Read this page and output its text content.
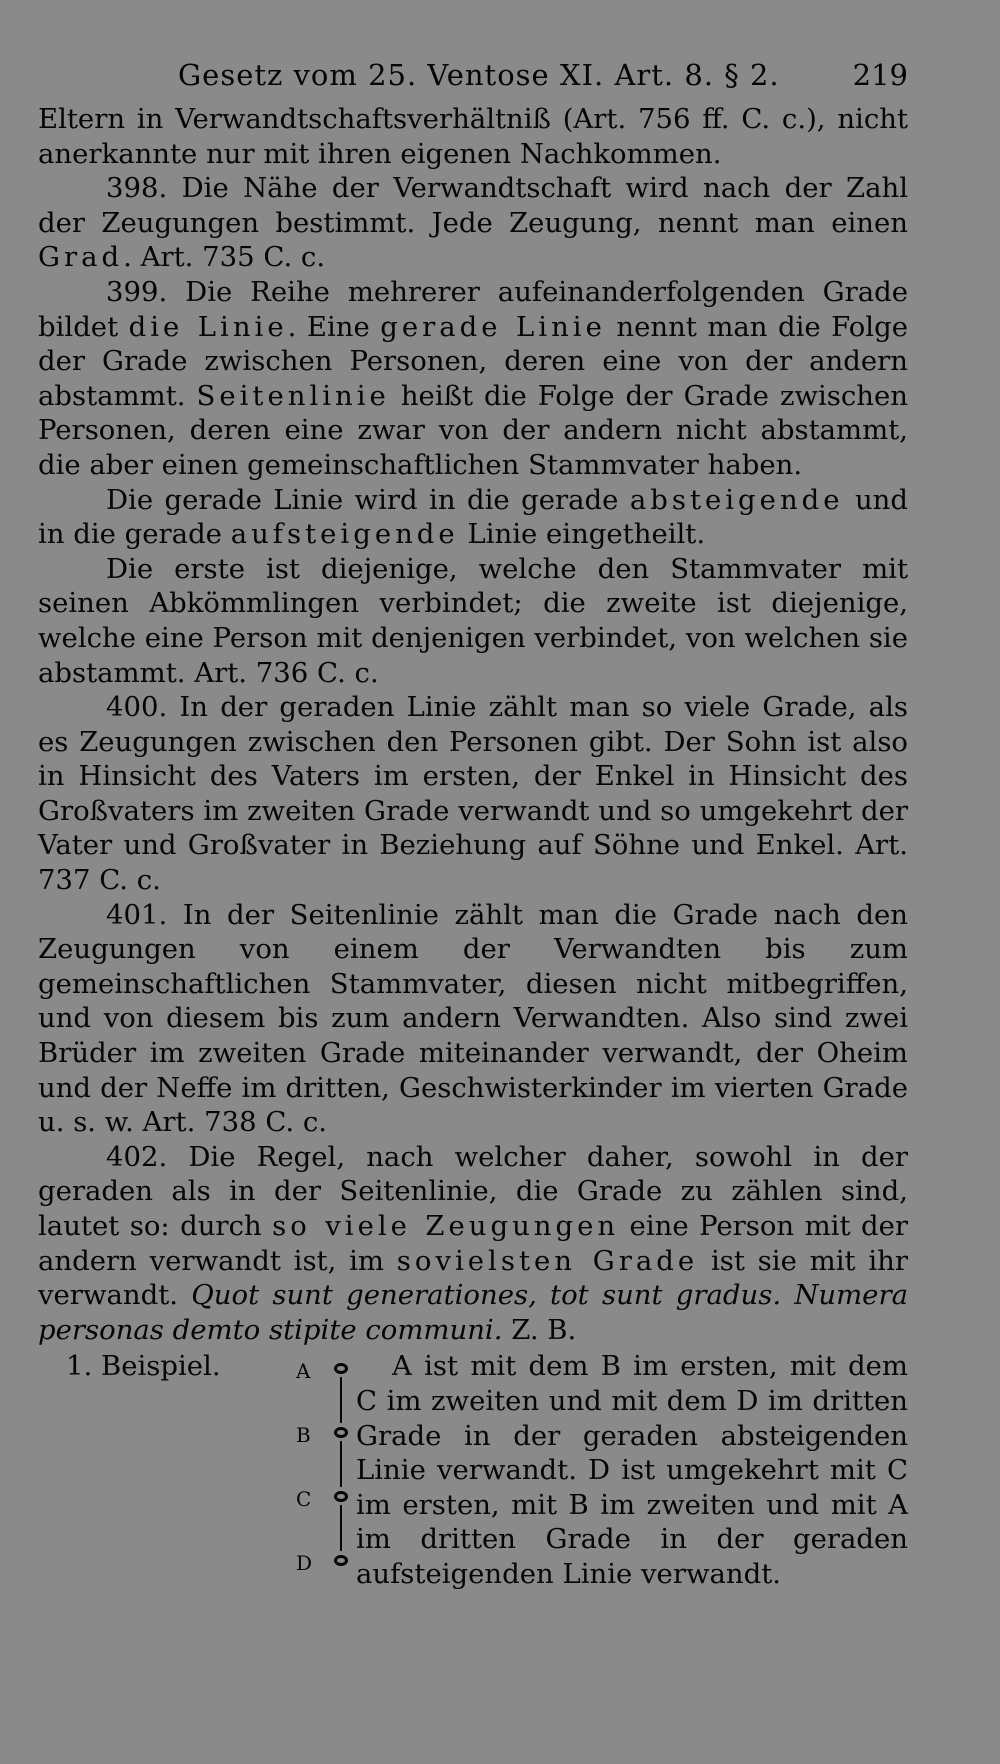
Gesetz vom 25. Ventose XI. Art. 8. § 2.	219

Eltern in Verwandtschaftsverhältniß (Art. 756 ff. C. c.), nicht anerkannte nur mit ihren eigenen Nachkommen.

398. Die Nähe der Verwandtschaft wird nach der Zahl der Zeugungen bestimmt. Jede Zeugung, nennt man einen Grad. Art. 735 C. c.

399. Die Reihe mehrerer aufeinanderfolgenden Grade bildet die Linie. Eine gerade Linie nennt man die Folge der Grade zwischen Personen, deren eine von der andern abstammt. Seitenlinie heißt die Folge der Grade zwischen Personen, deren eine zwar von der andern nicht abstammt, die aber einen gemeinschaftlichen Stammvater haben.

Die gerade Linie wird in die gerade absteigende und in die gerade aufsteigende Linie eingetheilt.

Die erste ist diejenige, welche den Stammvater mit seinen Abkömmlingen verbindet; die zweite ist diejenige, welche eine Person mit denjenigen verbindet, von welchen sie abstammt. Art. 736 C. c.

400. In der geraden Linie zählt man so viele Grade, als es Zeugungen zwischen den Personen gibt. Der Sohn ist also in Hinsicht des Vaters im ersten, der Enkel in Hinsicht des Großvaters im zweiten Grade verwandt und so umgekehrt der Vater und Großvater in Beziehung auf Söhne und Enkel. Art. 737 C. c.

401. In der Seitenlinie zählt man die Grade nach den Zeugungen von einem der Verwandten bis zum gemeinschaftlichen Stammvater, diesen nicht mitbegriffen, und von diesem bis zum andern Verwandten. Also sind zwei Brüder im zweiten Grade miteinander verwandt, der Oheim und der Neffe im dritten, Geschwisterkinder im vierten Grade u. s. w. Art. 738 C. c.

402. Die Regel, nach welcher daher, sowohl in der geraden als in der Seitenlinie, die Grade zu zählen sind, lautet so: durch so viele Zeugungen eine Person mit der andern verwandt ist, im sovielsten Grade ist sie mit ihr verwandt. Quot sunt generationes, tot sunt gradus. Numera personas demto stipite communi. Z. B.

1. Beispiel.	A
B
C
D

A ist mit dem B im ersten, mit dem C im zweiten und mit dem D im dritten Grade in der geraden absteigenden Linie verwandt. D ist umgekehrt mit C im ersten, mit B im zweiten und mit A im dritten Grade in der geraden aufsteigenden Linie verwandt.
